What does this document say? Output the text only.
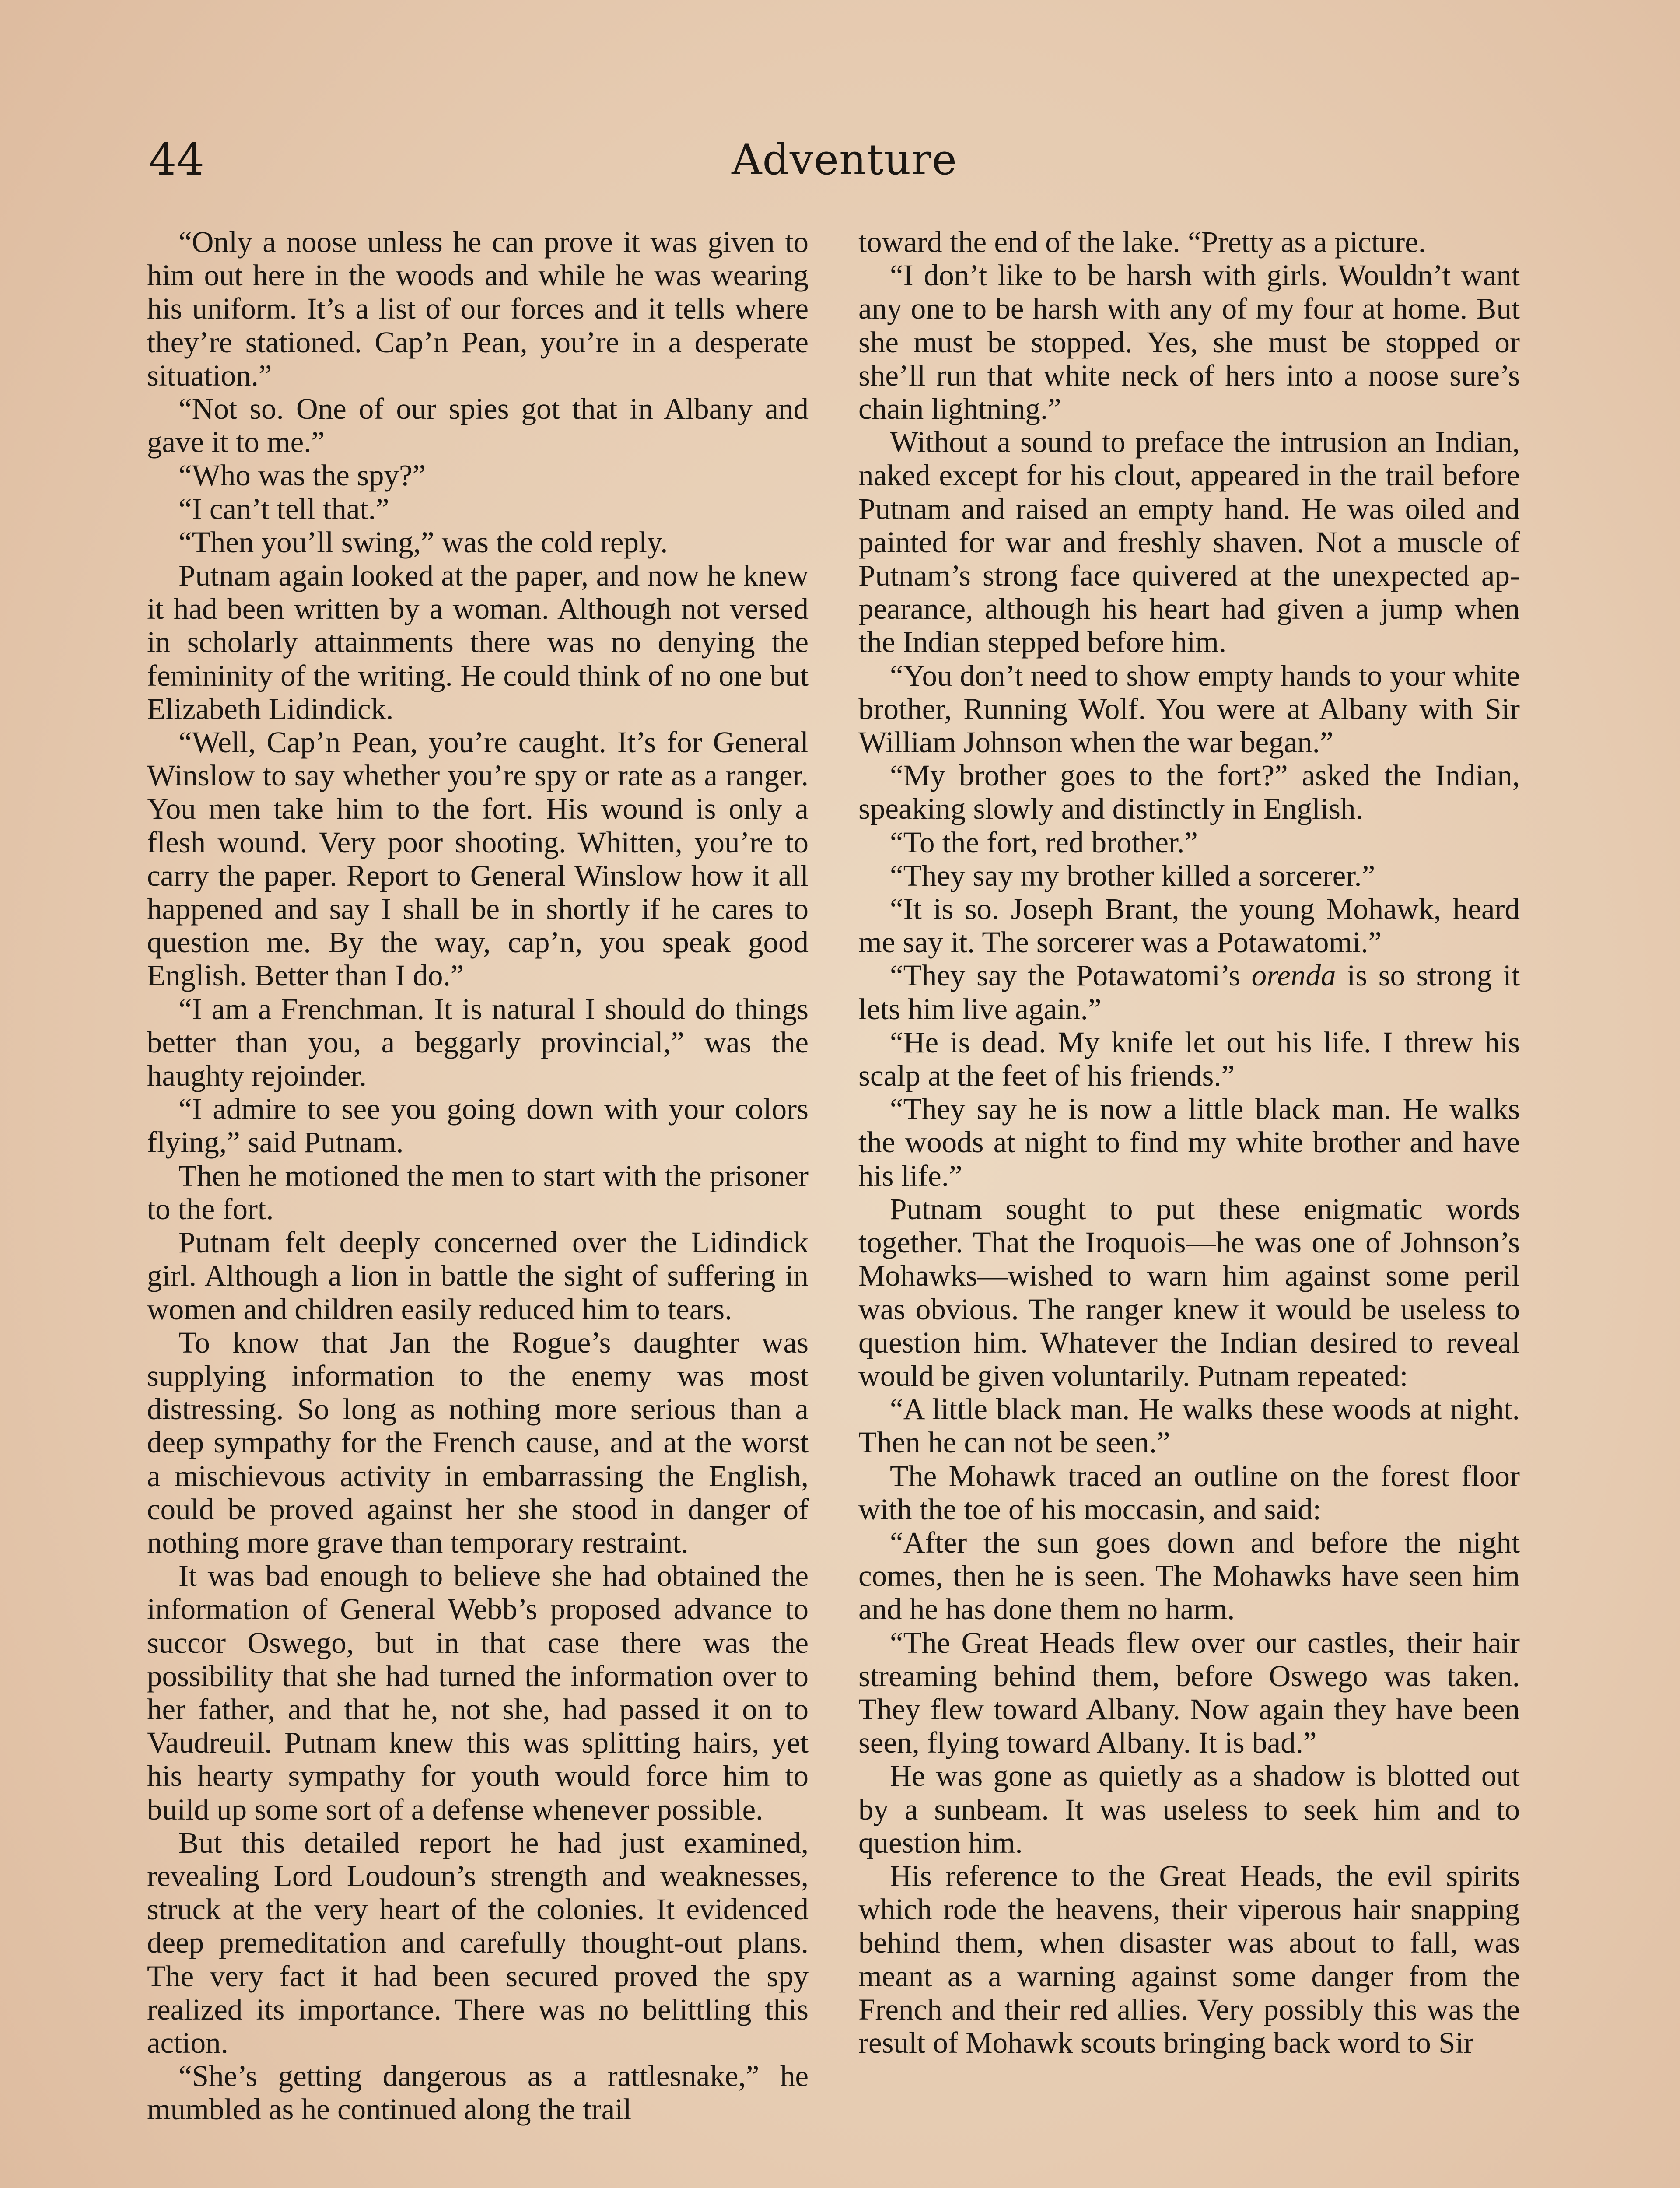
Adventure
44

“Only a noose unless he can prove it was given to him out here in the woods and while he was wearing his uniform. It’s a list of our forces and it tells where they’re stationed. Cap’n Pean, you’re in a desperate situation.”

“Not so. One of our spies got that in Albany and gave it to me.”

“Who was the spy?”

“I can’t tell that.”

“Then you’ll swing,” was the cold reply.

Putnam again looked at the paper, and now he knew it had been written by a woman. Although not versed in scholarly attainments there was no denying the femininity of the writing. He could think of no one but Elizabeth Lidindick.

“Well, Cap’n Pean, you’re caught. It’s for General Winslow to say whether you’re spy or rate as a ranger. You men take him to the fort. His wound is only a flesh wound. Very poor shooting. Whitten, you’re to carry the paper. Report to General Winslow how it all happened and say I shall be in shortly if he cares to question me. By the way, cap’n, you speak good English. Better than I do.”

“I am a Frenchman. It is natural I should do things better than you, a beggarly provincial,” was the haughty rejoinder.

“I admire to see you going down with your colors flying,” said Putnam.

Then he motioned the men to start with the prisoner to the fort.

Putnam felt deeply concerned over the Lidindick girl. Although a lion in battle the sight of suffering in women and children easily reduced him to tears.

To know that Jan the Rogue’s daughter was supplying information to the enemy was most distressing. So long as nothing more serious than a deep sympathy for the French cause, and at the worst a mischievous activity in embarrassing the English, could be proved against her she stood in danger of nothing more grave than temporary restraint.

It was bad enough to believe she had obtained the information of General Webb’s proposed advance to succor Oswego, but in that case there was the possibility that she had turned the information over to her father, and that he, not she, had passed it on to Vaudreuil. Putnam knew this was splitting hairs, yet his hearty sympathy for youth would force him to build up some sort of a defense whenever possible.

But this detailed report he had just examined, revealing Lord Loudoun’s strength and weaknesses, struck at the very heart of the colonies. It evidenced deep premeditation and carefully thought-out plans. The very fact it had been secured proved the spy realized its importance. There was no belittling this action.

“She’s getting dangerous as a rattlesnake,” he mumbled as he continued along the trail

toward the end of the lake. “Pretty as a picture.

“I don’t like to be harsh with girls. Wouldn’t want any one to be harsh with any of my four at home. But she must be stopped. Yes, she must be stopped or she’ll run that white neck of hers into a noose sure’s chain lightning.”

Without a sound to preface the intrusion an Indian, naked except for his clout, appeared in the trail before Putnam and raised an empty hand. He was oiled and painted for war and freshly shaven. Not a muscle of Putnam’s strong face quivered at the unexpected appearance, although his heart had given a jump when the Indian stepped before him.

“You don’t need to show empty hands to your white brother, Running Wolf. You were at Albany with Sir William Johnson when the war began.”

“My brother goes to the fort?” asked the Indian, speaking slowly and distinctly in English.

“To the fort, red brother.”

“They say my brother killed a sorcerer.”

“It is so. Joseph Brant, the young Mohawk, heard me say it. The sorcerer was a Potawatomi.”

“They say the Potawatomi’s orenda is so strong it lets him live again.”

“He is dead. My knife let out his life. I threw his scalp at the feet of his friends.”

“They say he is now a little black man. He walks the woods at night to find my white brother and have his life.”

Putnam sought to put these enigmatic words together. That the Iroquois—he was one of Johnson’s Mohawks—wished to warn him against some peril was obvious. The ranger knew it would be useless to question him. Whatever the Indian desired to reveal would be given voluntarily. Putnam repeated:

“A little black man. He walks these woods at night. Then he can not be seen.”

The Mohawk traced an outline on the forest floor with the toe of his moccasin, and said:

“After the sun goes down and before the night comes, then he is seen. The Mohawks have seen him and he has done them no harm.

“The Great Heads flew over our castles, their hair streaming behind them, before Oswego was taken. They flew toward Albany. Now again they have been seen, flying toward Albany. It is bad.”

He was gone as quietly as a shadow is blotted out by a sunbeam. It was useless to seek him and to question him.

His reference to the Great Heads, the evil spirits which rode the heavens, their viperous hair snapping behind them, when disaster was about to fall, was meant as a warning against some danger from the French and their red allies. Very possibly this was the result of Mohawk scouts bringing back word to Sir
